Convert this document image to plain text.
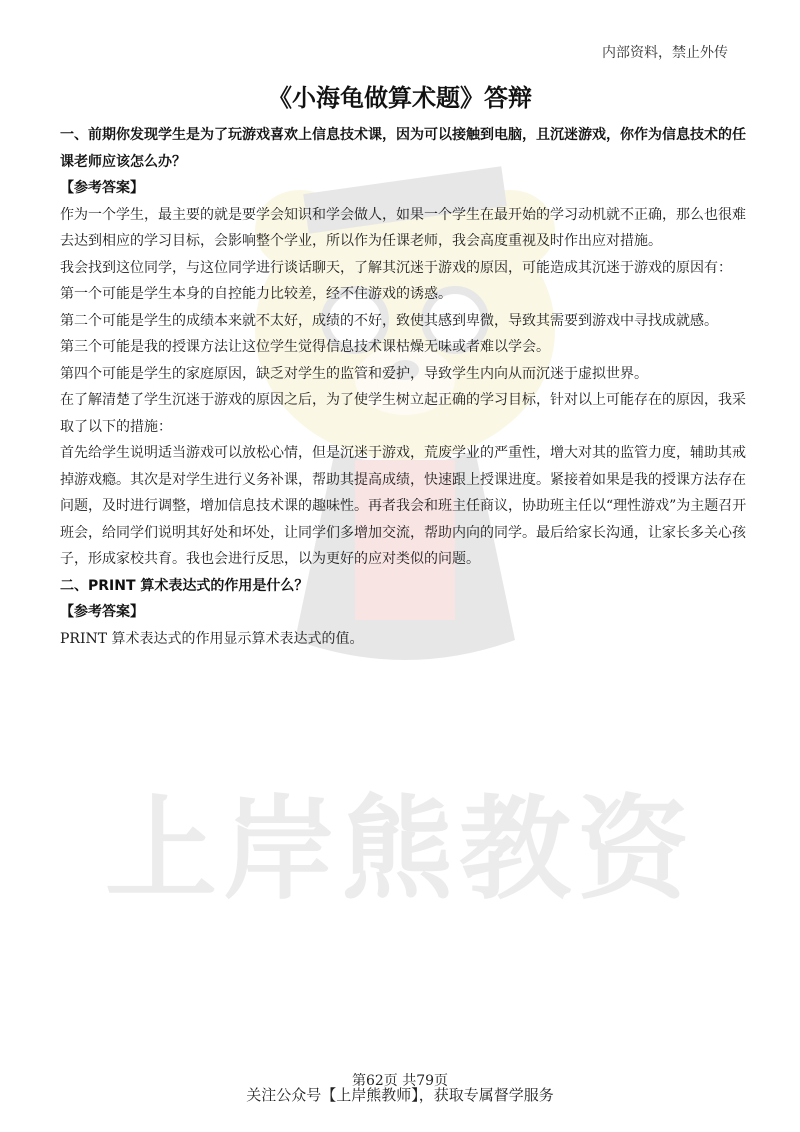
上岸熊教资
内部资料，禁止外传
《小海龟做算术题》答辩

一、前期你发现学生是为了玩游戏喜欢上信息技术课，因为可以接触到电脑，且沉迷游戏，你作为信息技术的任课老师应该怎么办？

【参考答案】

作为一个学生，最主要的就是要学会知识和学会做人，如果一个学生在最开始的学习动机就不正确，那么也很难去达到相应的学习目标，会影响整个学业，所以作为任课老师，我会高度重视及时作出应对措施。

我会找到这位同学，与这位同学进行谈话聊天，了解其沉迷于游戏的原因，可能造成其沉迷于游戏的原因有：

第一个可能是学生本身的自控能力比较差，经不住游戏的诱惑。

第二个可能是学生的成绩本来就不太好，成绩的不好，致使其感到卑微，导致其需要到游戏中寻找成就感。

第三个可能是我的授课方法让这位学生觉得信息技术课枯燥无味或者难以学会。

第四个可能是学生的家庭原因，缺乏对学生的监管和爱护，导致学生内向从而沉迷于虚拟世界。

在了解清楚了学生沉迷于游戏的原因之后，为了使学生树立起正确的学习目标，针对以上可能存在的原因，我采取了以下的措施：

首先给学生说明适当游戏可以放松心情，但是沉迷于游戏，荒废学业的严重性，增大对其的监管力度，辅助其戒掉游戏瘾。其次是对学生进行义务补课，帮助其提高成绩，快速跟上授课进度。紧接着如果是我的授课方法存在问题，及时进行调整，增加信息技术课的趣味性。再者我会和班主任商议，协助班主任以“理性游戏”为主题召开班会，给同学们说明其好处和坏处，让同学们多增加交流，帮助内向的同学。最后给家长沟通，让家长多关心孩子，形成家校共育。我也会进行反思，以为更好的应对类似的问题。

二、PRINT 算术表达式的作用是什么？

【参考答案】

PRINT 算术表达式的作用显示算术表达式的值。

第62页 共79页
关注公众号【上岸熊教师】，获取专属督学服务
